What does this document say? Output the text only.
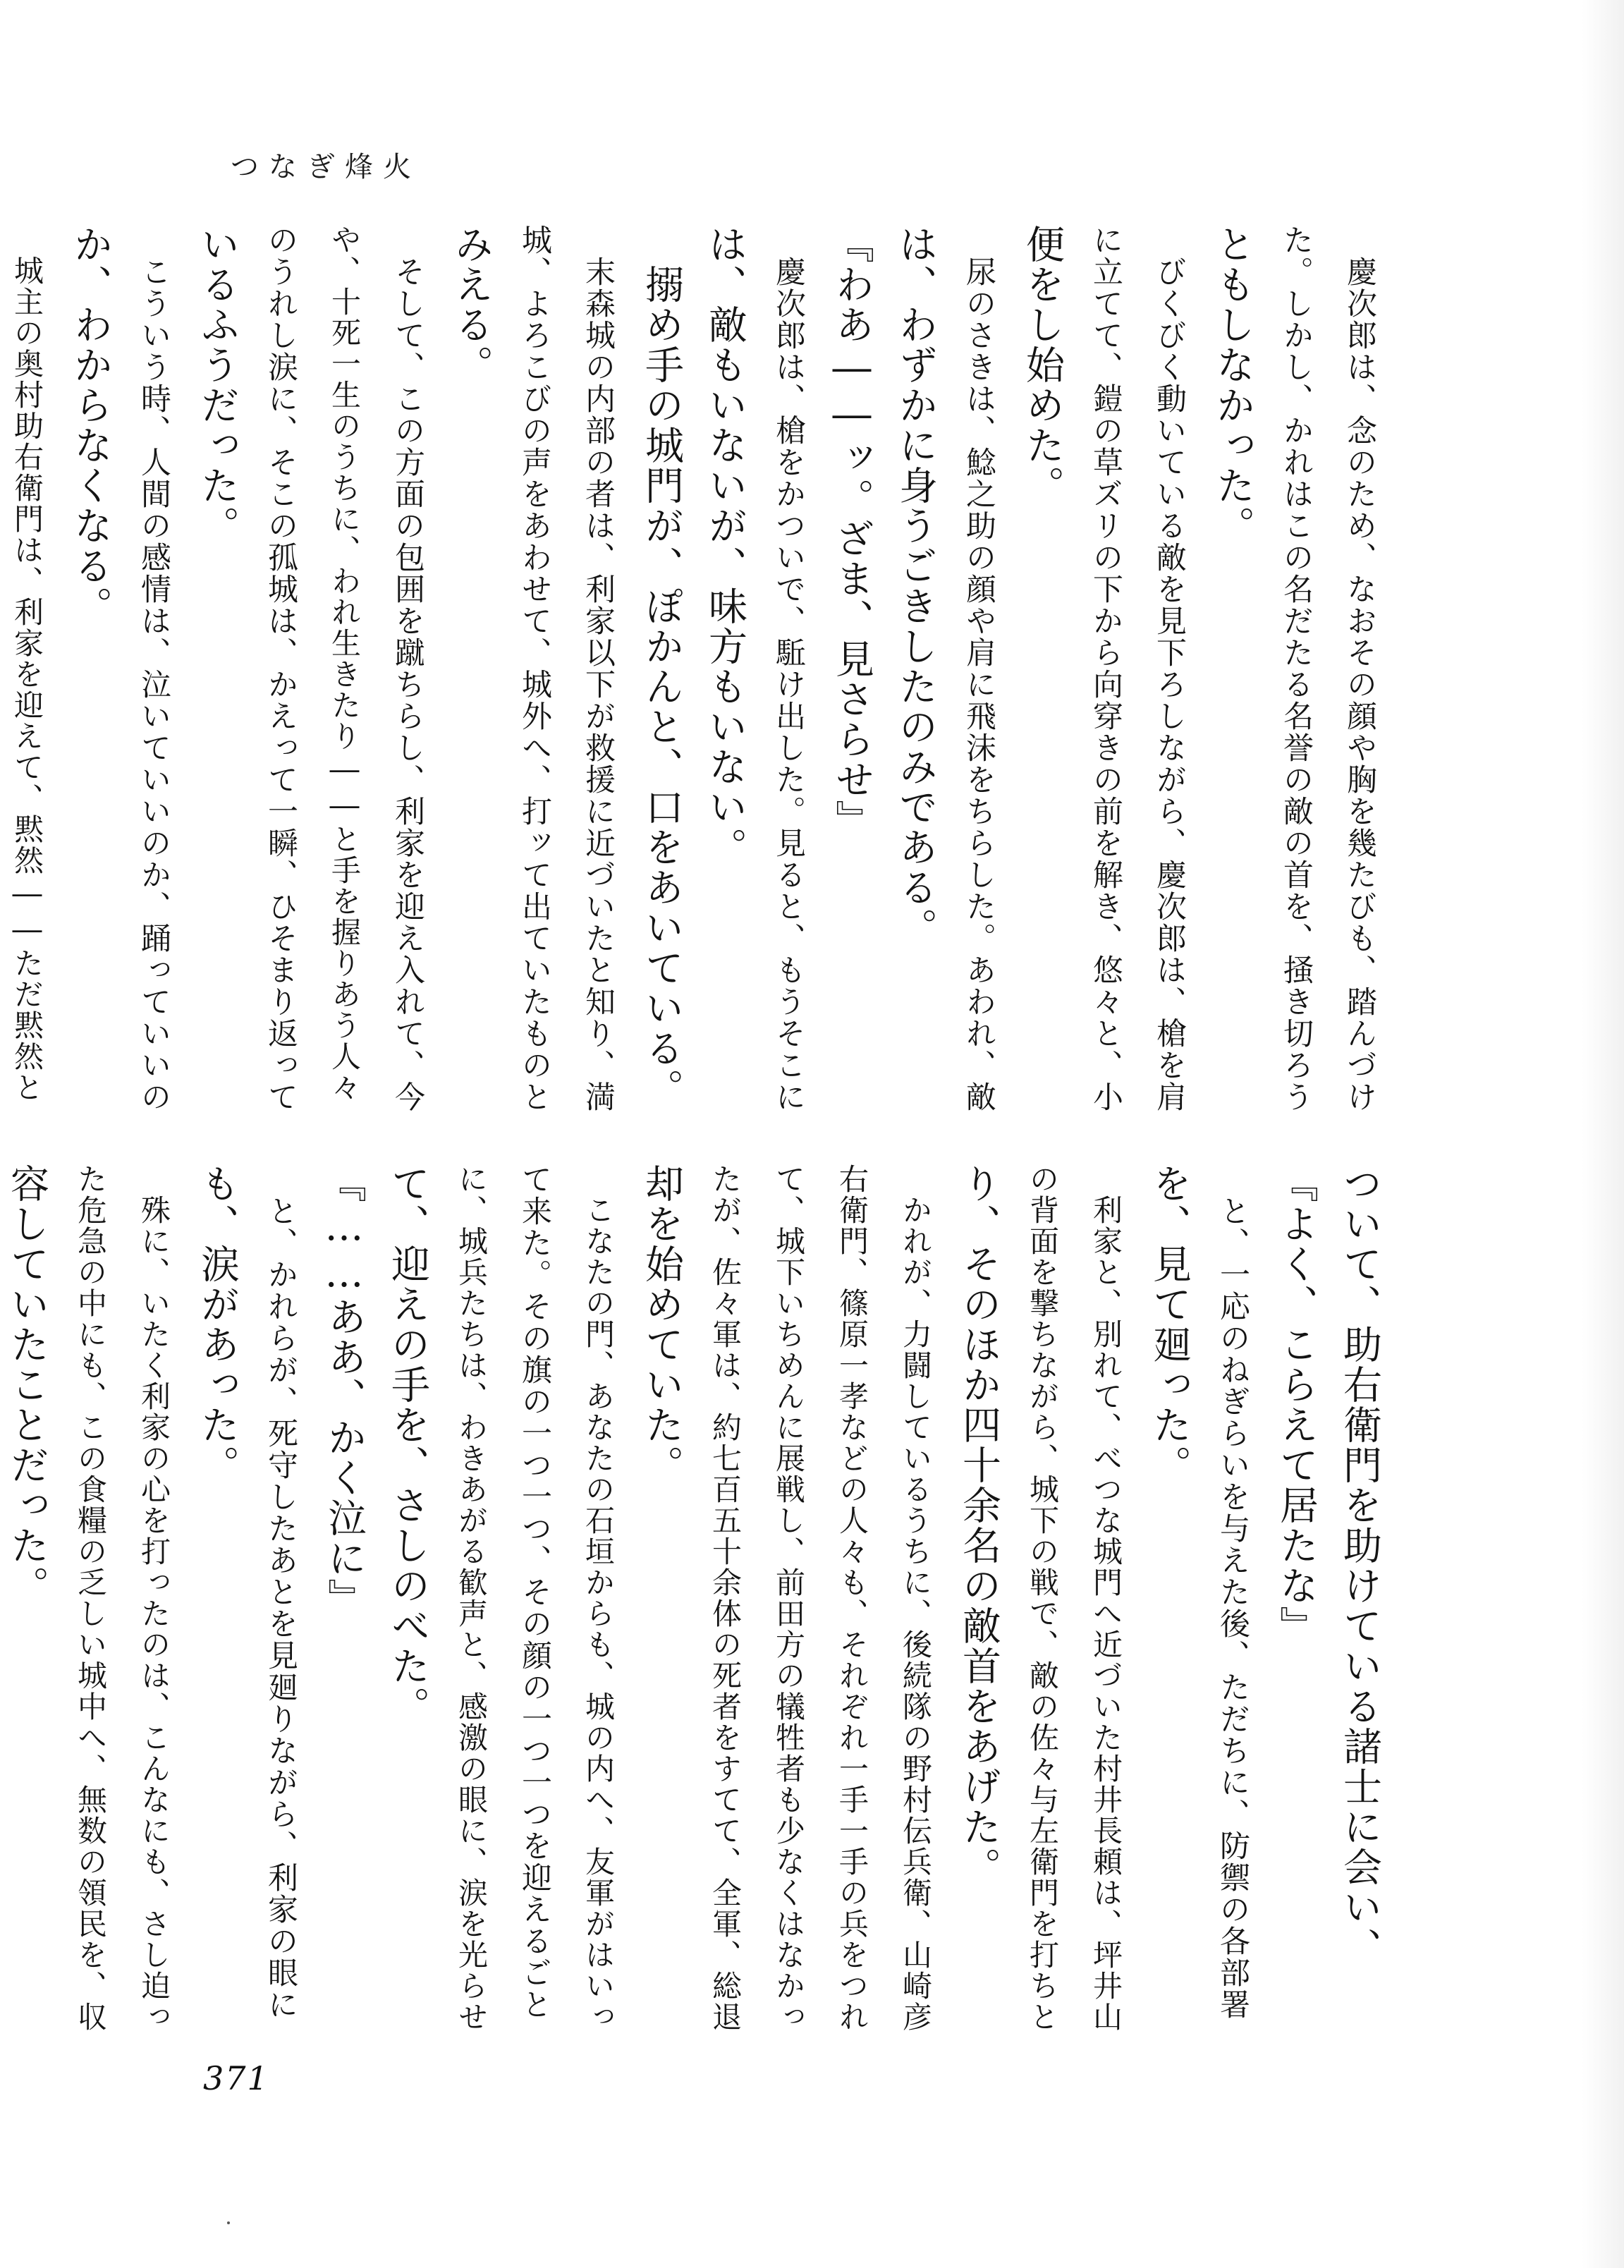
つなぎ烽火
　慶次郎は、念のため、なおその顔や胸を幾たびも、踏んづけ
た。しかし、かれはこの名だたる名誉の敵の首を、掻き切ろう
ともしなかった。
　びくびく動いている敵を見下ろしながら、慶次郎は、槍を肩
に立てて、鎧の草ズリの下から向穿きの前を解き、悠々と、小
便をし始めた。
　尿のさきは、鯰之助の顔や肩に飛沫をちらした。あわれ、敵
は、わずかに身うごきしたのみである。
『わあ――ッ。ざま、見さらせ』
　慶次郎は、槍をかついで、駈け出した。見ると、もうそこに
は、敵もいないが、味方もいない。
　搦め手の城門が、ぽかんと、口をあいている。
　末森城の内部の者は、利家以下が救援に近づいたと知り、満
城、よろこびの声をあわせて、城外へ、打ッて出ていたものと
みえる。
　そして、この方面の包囲を蹴ちらし、利家を迎え入れて、今
や、十死一生のうちに、われ生きたり――と手を握りあう人々
のうれし涙に、そこの孤城は、かえって一瞬、ひそまり返って
いるふうだった。
　こういう時、人間の感情は、泣いていいのか、踊っていいの
か、わからなくなる。
　城主の奥村助右衛門は、利家を迎えて、黙然――ただ黙然と
ついて、助右衛門を助けている諸士に会い、
『よく、こらえて居たな』
　と、一応のねぎらいを与えた後、ただちに、防禦の各部署
を、見て廻った。
　利家と、別れて、べつな城門へ近づいた村井長頼は、坪井山
の背面を撃ちながら、城下の戦で、敵の佐々与左衛門を打ちと
り、そのほか四十余名の敵首をあげた。
　かれが、力闘しているうちに、後続隊の野村伝兵衛、山崎彦
右衛門、篠原一孝などの人々も、それぞれ一手一手の兵をつれ
て、城下いちめんに展戦し、前田方の犠牲者も少なくはなかっ
たが、佐々軍は、約七百五十余体の死者をすてて、全軍、総退
却を始めていた。
　こなたの門、あなたの石垣からも、城の内へ、友軍がはいっ
て来た。その旗の一つ一つ、その顔の一つ一つを迎えるごと
に、城兵たちは、わきあがる歓声と、感激の眼に、涙を光らせ
て、迎えの手を、さしのべた。
『……ああ、かく泣に』
　と、かれらが、死守したあとを見廻りながら、利家の眼に
も、涙があった。
　殊に、いたく利家の心を打ったのは、こんなにも、さし迫っ
た危急の中にも、この食糧の乏しい城中へ、無数の領民を、収
容していたことだった。
371
